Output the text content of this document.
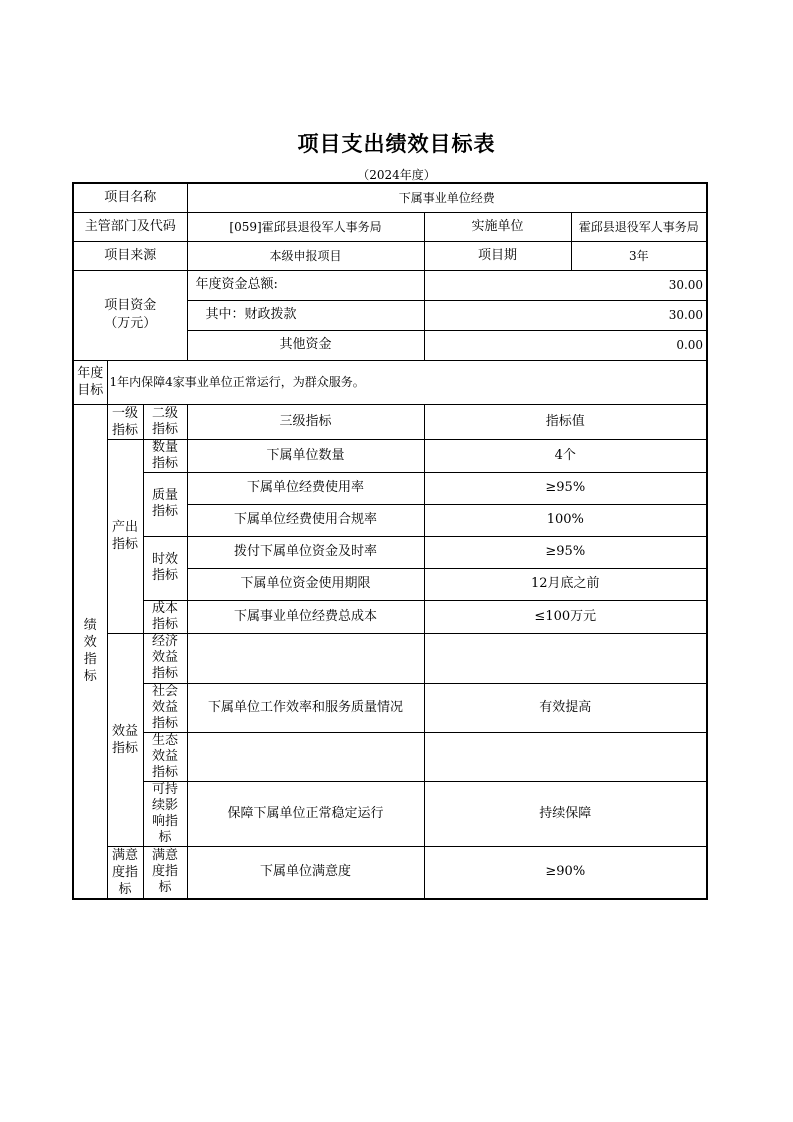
项目支出绩效目标表
（2024年度）
项目名称			下属事业单位经费		
主管部门及代码			[059]霍邱县退役军人事务局	实施单位	霍邱县退役军人事务局
项目来源			本级申报项目	项目期	3年
项目资金
（万元）			年度资金总额:	30.00	
			其中：财政拨款	30.00	
			其他资金	0.00	
年度目标	1年内保障4家事业单位正常运行，为群众服务。				
绩效指标	一级指标	二级指标	三级指标	指标值	
	产出指标	数量指标	下属单位数量	4个	
		质量指标	下属单位经费使用率	≥95%	
			下属单位经费使用合规率	100%	
		时效指标	拨付下属单位资金及时率	≥95%	
			下属单位资金使用期限	12月底之前	
		成本指标	下属事业单位经费总成本	≤100万元	
	效益指标	经济效益指标			
		社会效益指标	下属单位工作效率和服务质量情况	有效提高	
		生态效益指标			
		可持续影响指标	保障下属单位正常稳定运行	持续保障	
	满意度指标	满意度指标	下属单位满意度	≥90%	
